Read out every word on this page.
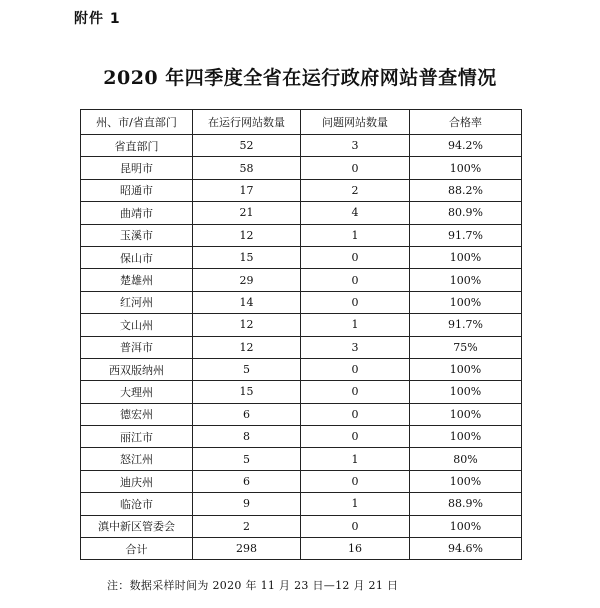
附件 1
2020 年四季度全省在运行政府网站普查情况
州、市/省直部门	在运行网站数量	问题网站数量	合格率
省直部门	52	3	94.2%
昆明市	58	0	100%
昭通市	17	2	88.2%
曲靖市	21	4	80.9%
玉溪市	12	1	91.7%
保山市	15	0	100%
楚雄州	29	0	100%
红河州	14	0	100%
文山州	12	1	91.7%
普洱市	12	3	75%
西双版纳州	5	0	100%
大理州	15	0	100%
德宏州	6	0	100%
丽江市	8	0	100%
怒江州	5	1	80%
迪庆州	6	0	100%
临沧市	9	1	88.9%
滇中新区管委会	2	0	100%
合计	298	16	94.6%
注：数据采样时间为 2020 年 11 月 23 日—12 月 21 日
